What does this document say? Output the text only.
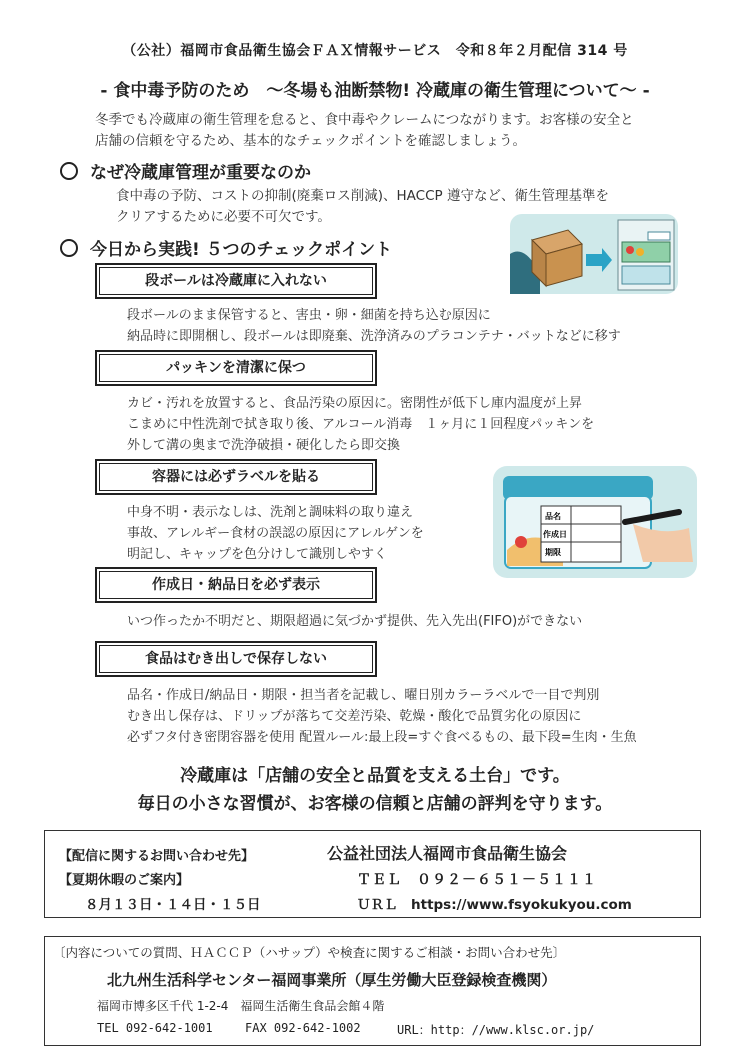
（公社）福岡市食品衛生協会ＦＡＸ情報サービス　令和８年２月配信 314 号
- 食中毒予防のため　～冬場も油断禁物! 冷蔵庫の衛生管理について～ -
冬季でも冷蔵庫の衛生管理を怠ると、食中毒やクレームにつながります。お客様の安全と
店舗の信頼を守るため、基本的なチェックポイントを確認しましょう。
なぜ冷蔵庫管理が重要なのか
食中毒の予防、コストの抑制(廃棄ロス削減)、HACCP 遵守など、衛生管理基準を
クリアするために必要不可欠です。
今日から実践! ５つのチェックポイント
段ボールは冷蔵庫に入れない
段ボールのまま保管すると、害虫・卵・細菌を持ち込む原因に
納品時に即開梱し、段ボールは即廃棄、洗浄済みのプラコンテナ・バットなどに移す
パッキンを清潔に保つ
カビ・汚れを放置すると、食品汚染の原因に。密閉性が低下し庫内温度が上昇
こまめに中性洗剤で拭き取り後、アルコール消毒　１ヶ月に１回程度パッキンを
外して溝の奥まで洗浄破損・硬化したら即交換
容器には必ずラベルを貼る
中身不明・表示なしは、洗剤と調味料の取り違え
事故、アレルギー食材の誤認の原因にアレルゲンを
明記し、キャップを色分けして識別しやすく
品名
作成日
期限
作成日・納品日を必ず表示
いつ作ったか不明だと、期限超過に気づかず提供、先入先出(FIFO)ができない
食品はむき出しで保存しない
品名・作成日/納品日・期限・担当者を記載し、曜日別カラーラベルで一目で判別
むき出し保存は、ドリップが落ちて交差汚染、乾燥・酸化で品質劣化の原因に
必ずフタ付き密閉容器を使用 配置ルール:最上段=すぐ食べるもの、最下段=生肉・生魚
冷蔵庫は「店舗の安全と品質を支える土台」です。
毎日の小さな習慣が、お客様の信頼と店舗の評判を守ります。
【配信に関するお問い合わせ先】	公益社団法人福岡市食品衛生協会
【夏期休暇のご案内】	ＴＥＬ　０９２－６５１－５１１１
８月１３日・１４日・１５日	ＵＲＬ　https://www.fsyokukyou.com
〔内容についての質問、ＨＡＣＣＰ（ハサップ）や検査に関するご相談・お問い合わせ先〕
北九州生活科学センター福岡事業所（厚生労働大臣登録検査機関）
福岡市博多区千代 1-2-4　福岡生活衛生食品会館４階
TEL 092-642-1001	FAX 092-642-1002	URL：http：//www.klsc.or.jp/
